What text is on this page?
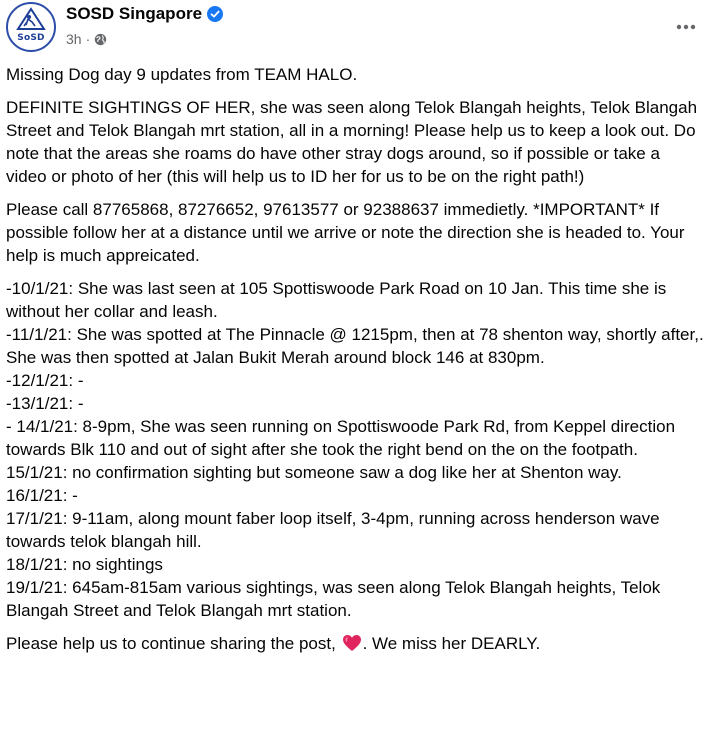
SoSD
SOSD Singapore
3h ·

Missing Dog day 9 updates from TEAM HALO.

DEFINITE SIGHTINGS OF HER, she was seen along Telok Blangah heights, Telok Blangah Street and Telok Blangah mrt station, all in a morning! Please help us to keep a look out. Do note that the areas she roams do have other stray dogs around, so if possible or take a video or photo of her (this will help us to ID her for us to be on the right path!)

Please call 87765868, 87276652, 97613577 or 92388637 immedietly. *IMPORTANT* If possible follow her at a distance until we arrive or note the direction she is headed to. Your help is much appreicated.

-10/1/21: She was last seen at 105 Spottiswoode Park Road on 10 Jan. This time she is without her collar and leash.
-11/1/21: She was spotted at The Pinnacle @ 1215pm, then at 78 shenton way, shortly after,.
She was then spotted at Jalan Bukit Merah around block 146 at 830pm.
-12/1/21: -
-13/1/21: -
- 14/1/21: 8-9pm, She was seen running on Spottiswoode Park Rd, from Keppel direction towards Blk 110 and out of sight after she took the right bend on the on the footpath.
15/1/21: no confirmation sighting but someone saw a dog like her at Shenton way.
16/1/21: -
17/1/21: 9-11am, along mount faber loop itself, 3-4pm, running across henderson wave towards telok blangah hill.
18/1/21: no sightings
19/1/21: 645am-815am various sightings, was seen along Telok Blangah heights, Telok Blangah Street and Telok Blangah mrt station.

Please help us to continue sharing the post, . We miss her DEARLY.
